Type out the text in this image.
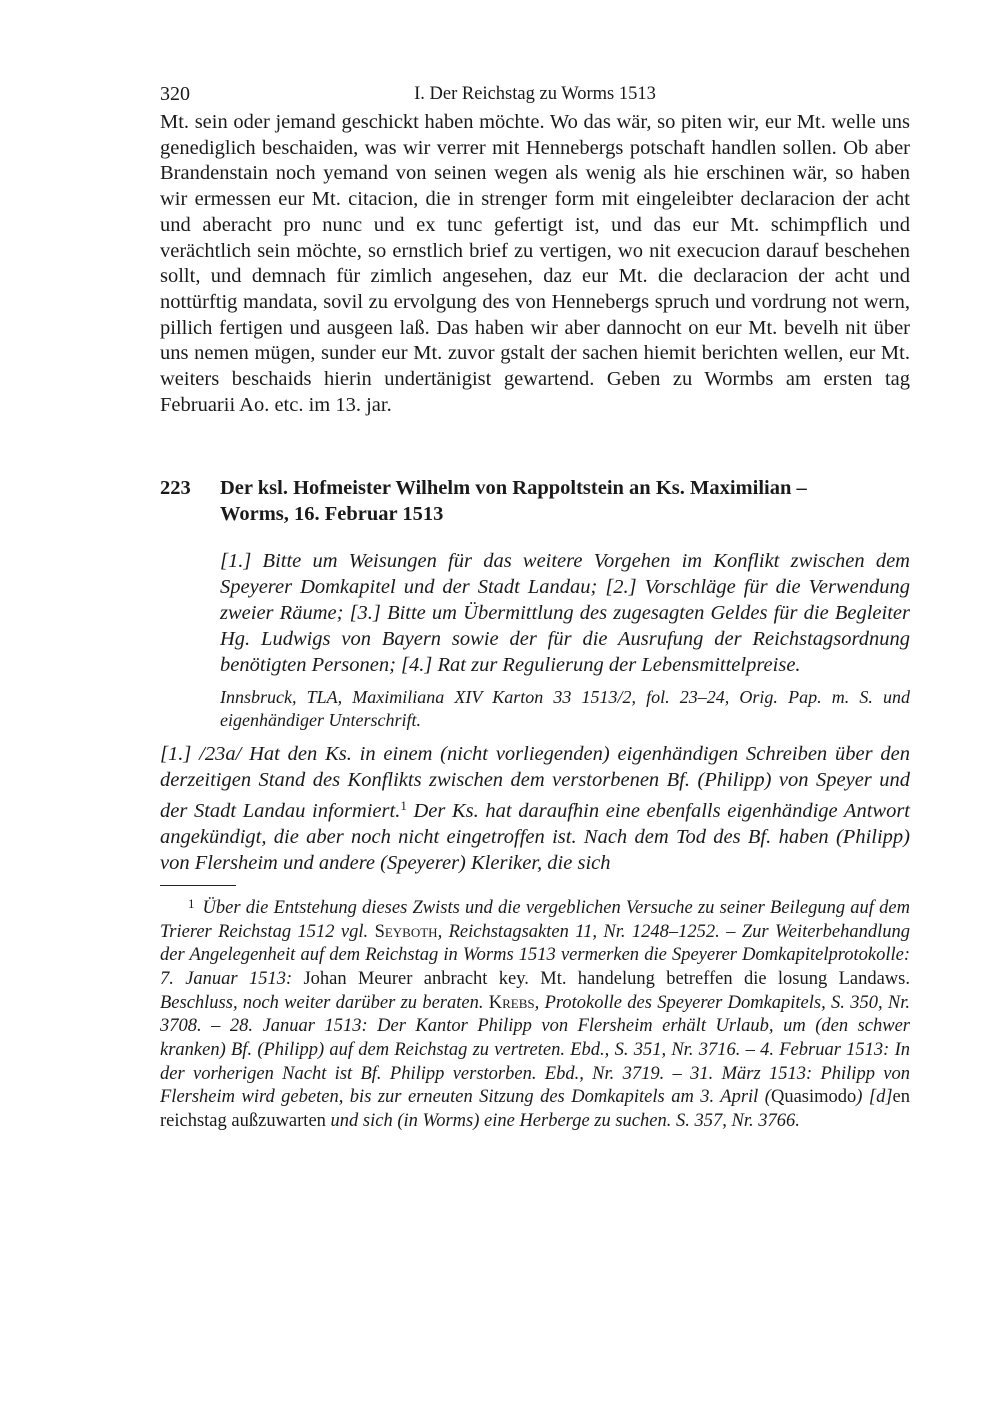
320	I. Der Reichstag zu Worms 1513

Mt. sein oder jemand geschickt haben möchte. Wo das wär, so piten wir, eur Mt. welle uns genediglich beschaiden, was wir verrer mit Hennebergs potschaft handlen sollen. Ob aber Brandenstain noch yemand von seinen wegen als wenig als hie erschinen wär, so haben wir ermessen eur Mt. citacion, die in strenger form mit eingeleibter declaracion der acht und aberacht pro nunc und ex tunc gefertigt ist, und das eur Mt. schimpflich und verächtlich sein möchte, so ernstlich brief zu vertigen, wo nit execucion darauf beschehen sollt, und demnach für zimlich angesehen, daz eur Mt. die declaracion der acht und nottürftig mandata, sovil zu ervolgung des von Hennebergs spruch und vordrung not wern, pillich fertigen und ausgeen laß. Das haben wir aber dannocht on eur Mt. bevelh nit über uns nemen mügen, sunder eur Mt. zuvor gstalt der sachen hiemit berichten wellen, eur Mt. weiters beschaids hierin undertänigist gewartend. Geben zu Wormbs am ersten tag Februarii Ao. etc. im 13. jar.

223 Der ksl. Hofmeister Wilhelm von Rappoltstein an Ks. Maximilian –
Worms, 16. Februar 1513

[1.] Bitte um Weisungen für das weitere Vorgehen im Konflikt zwischen dem Speyerer Domkapitel und der Stadt Landau; [2.] Vorschläge für die Verwendung zweier Räume; [3.] Bitte um Übermittlung des zugesagten Geldes für die Begleiter Hg. Ludwigs von Bayern sowie der für die Ausrufung der Reichstagsordnung benötigten Personen; [4.] Rat zur Regulierung der Lebensmittelpreise.

Innsbruck, TLA, Maximiliana XIV Karton 33 1513/2, fol. 23–24, Orig. Pap. m. S. und eigenhändiger Unterschrift.

[1.] /23a/ Hat den Ks. in einem (nicht vorliegenden) eigenhändigen Schreiben über den derzeitigen Stand des Konflikts zwischen dem verstorbenen Bf. (Philipp) von Speyer und der Stadt Landau informiert.$^1$ Der Ks. hat daraufhin eine ebenfalls eigenhändige Antwort angekündigt, die aber noch nicht eingetroffen ist. Nach dem Tod des Bf. haben (Philipp) von Flersheim und andere (Speyerer) Kleriker, die sich

1 Über die Entstehung dieses Zwists und die vergeblichen Versuche zu seiner Beilegung auf dem Trierer Reichstag 1512 vgl. Seyboth, Reichstagsakten 11, Nr. 1248–1252. – Zur Weiterbehandlung der Angelegenheit auf dem Reichstag in Worms 1513 vermerken die Speyerer Domkapitelprotokolle: 7. Januar 1513: Johan Meurer anbracht key. Mt. handelung betreffen die losung Landaws. Beschluss, noch weiter darüber zu beraten. Krebs, Protokolle des Speyerer Domkapitels, S. 350, Nr. 3708. – 28. Januar 1513: Der Kantor Philipp von Flersheim erhält Urlaub, um (den schwer kranken) Bf. (Philipp) auf dem Reichstag zu vertreten. Ebd., S. 351, Nr. 3716. – 4. Februar 1513: In der vorherigen Nacht ist Bf. Philipp verstorben. Ebd., Nr. 3719. – 31. März 1513: Philipp von Flersheim wird gebeten, bis zur erneuten Sitzung des Domkapitels am 3. April (Quasimodo) [d]en reichstag außzuwarten und sich (in Worms) eine Herberge zu suchen. S. 357, Nr. 3766.
